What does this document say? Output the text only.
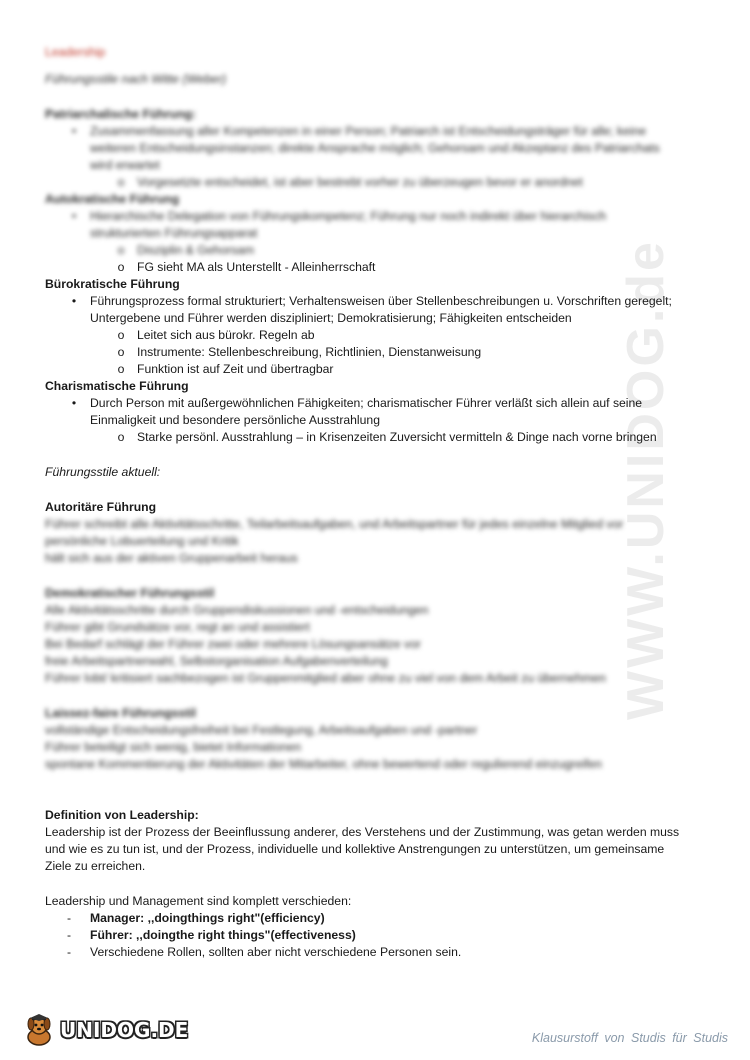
WWW.UNIDOG.de
Leadership
Führungsstile nach Witte (Weber)
Patriarchalische Führung:
•	Zusammenfassung aller Kompetenzen in einer Person; Patriarch ist Entscheidungsträger für alle; keine
weiteren Entscheidungsinstanzen; direkte Ansprache möglich; Gehorsam und Akzeptanz des Patriarchats
wird erwartet
o Vorgesetzte entscheidet, ist aber bestrebt vorher zu überzeugen bevor er anordnet
Autokratische Führung
•	Hierarchische Delegation von Führungskompetenz; Führung nur noch indirekt über hierarchisch
strukturierten Führungsapparat
o Disziplin & Gehorsam
o FG sieht MA als Unterstellt - Alleinherrschaft
Bürokratische Führung
•	Führungsprozess formal strukturiert; Verhaltensweisen über Stellenbeschreibungen u. Vorschriften geregelt;
Untergebene und Führer werden diszipliniert; Demokratisierung; Fähigkeiten entscheiden
o Leitet sich aus bürokr. Regeln ab
o Instrumente: Stellenbeschreibung, Richtlinien, Dienstanweisung
o Funktion ist auf Zeit und übertragbar
Charismatische Führung
•	Durch Person mit außergewöhnlichen Fähigkeiten; charismatischer Führer verläßt sich allein auf seine
Einmaligkeit und besondere persönliche Ausstrahlung
o Starke persönl. Ausstrahlung – in Krisenzeiten Zuversicht vermitteln & Dinge nach vorne bringen
Führungsstile aktuell:
Autoritäre Führung
Führer schreibt alle Aktivitätsschritte, Teilarbeitsaufgaben, und Arbeitspartner für jedes einzelne Mitglied vor
persönliche Lobuerteilung und Kritik
hält sich aus der aktiven Gruppenarbeit heraus
Demokratischer Führungsstil
Alle Aktivitätsschritte durch Gruppendiskussionen und -entscheidungen
Führer gibt Grundsätze vor, regt an und assistiert
Bei Bedarf schlägt der Führer zwei oder mehrere Lösungsansätze vor
freie Arbeitspartnerwahl, Selbstorganisation Aufgabenverteilung
Führer lobt/ kritisiert sachbezogen ist Gruppenmitglied aber ohne zu viel von dem Arbeit zu übernehmen
Laissez-faire Führungsstil
vollständige Entscheidungsfreiheit bei Festlegung, Arbeitsaufgaben und -partner
Führer beteiligt sich wenig, bietet Informationen
spontane Kommentierung der Aktivitäten der Mitarbeiter, ohne bewertend oder regulierend einzugreifen
Definition von Leadership:
Leadership ist der Prozess der Beeinflussung anderer, des Verstehens und der Zustimmung, was getan werden muss
und wie es zu tun ist, und der Prozess, individuelle und kollektive Anstrengungen zu unterstützen, um gemeinsame
Ziele zu erreichen.
Leadership und Management sind komplett verschieden:
- Manager: ,,doingthings right"(efficiency)
- Führer: ,,doingthe right things"(effectiveness)
- Verschiedene Rollen, sollten aber nicht verschiedene Personen sein.
UNIDOG.DE	Klausurstoff von Studis für Studis
